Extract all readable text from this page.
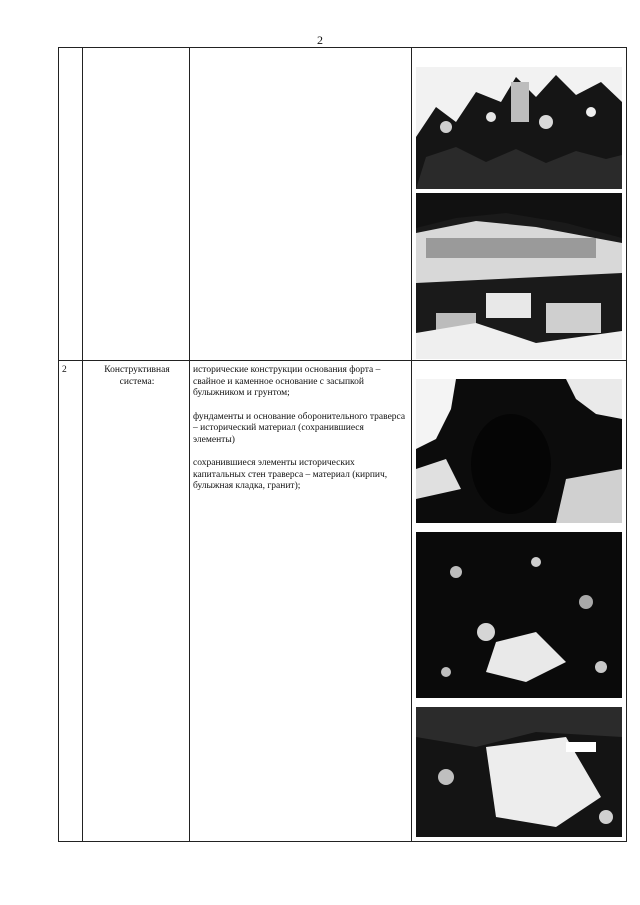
2
2	Конструктивная система:

исторические конструкции основания форта – свайное и каменное основание с засыпкой булыжником и грунтом;

фундаменты и основание оборонительного траверса – исторический материал (сохранившиеся элементы)

сохранившиеся элементы исторических капитальных стен траверса – материал (кирпич, булыжная кладка, гранит);
